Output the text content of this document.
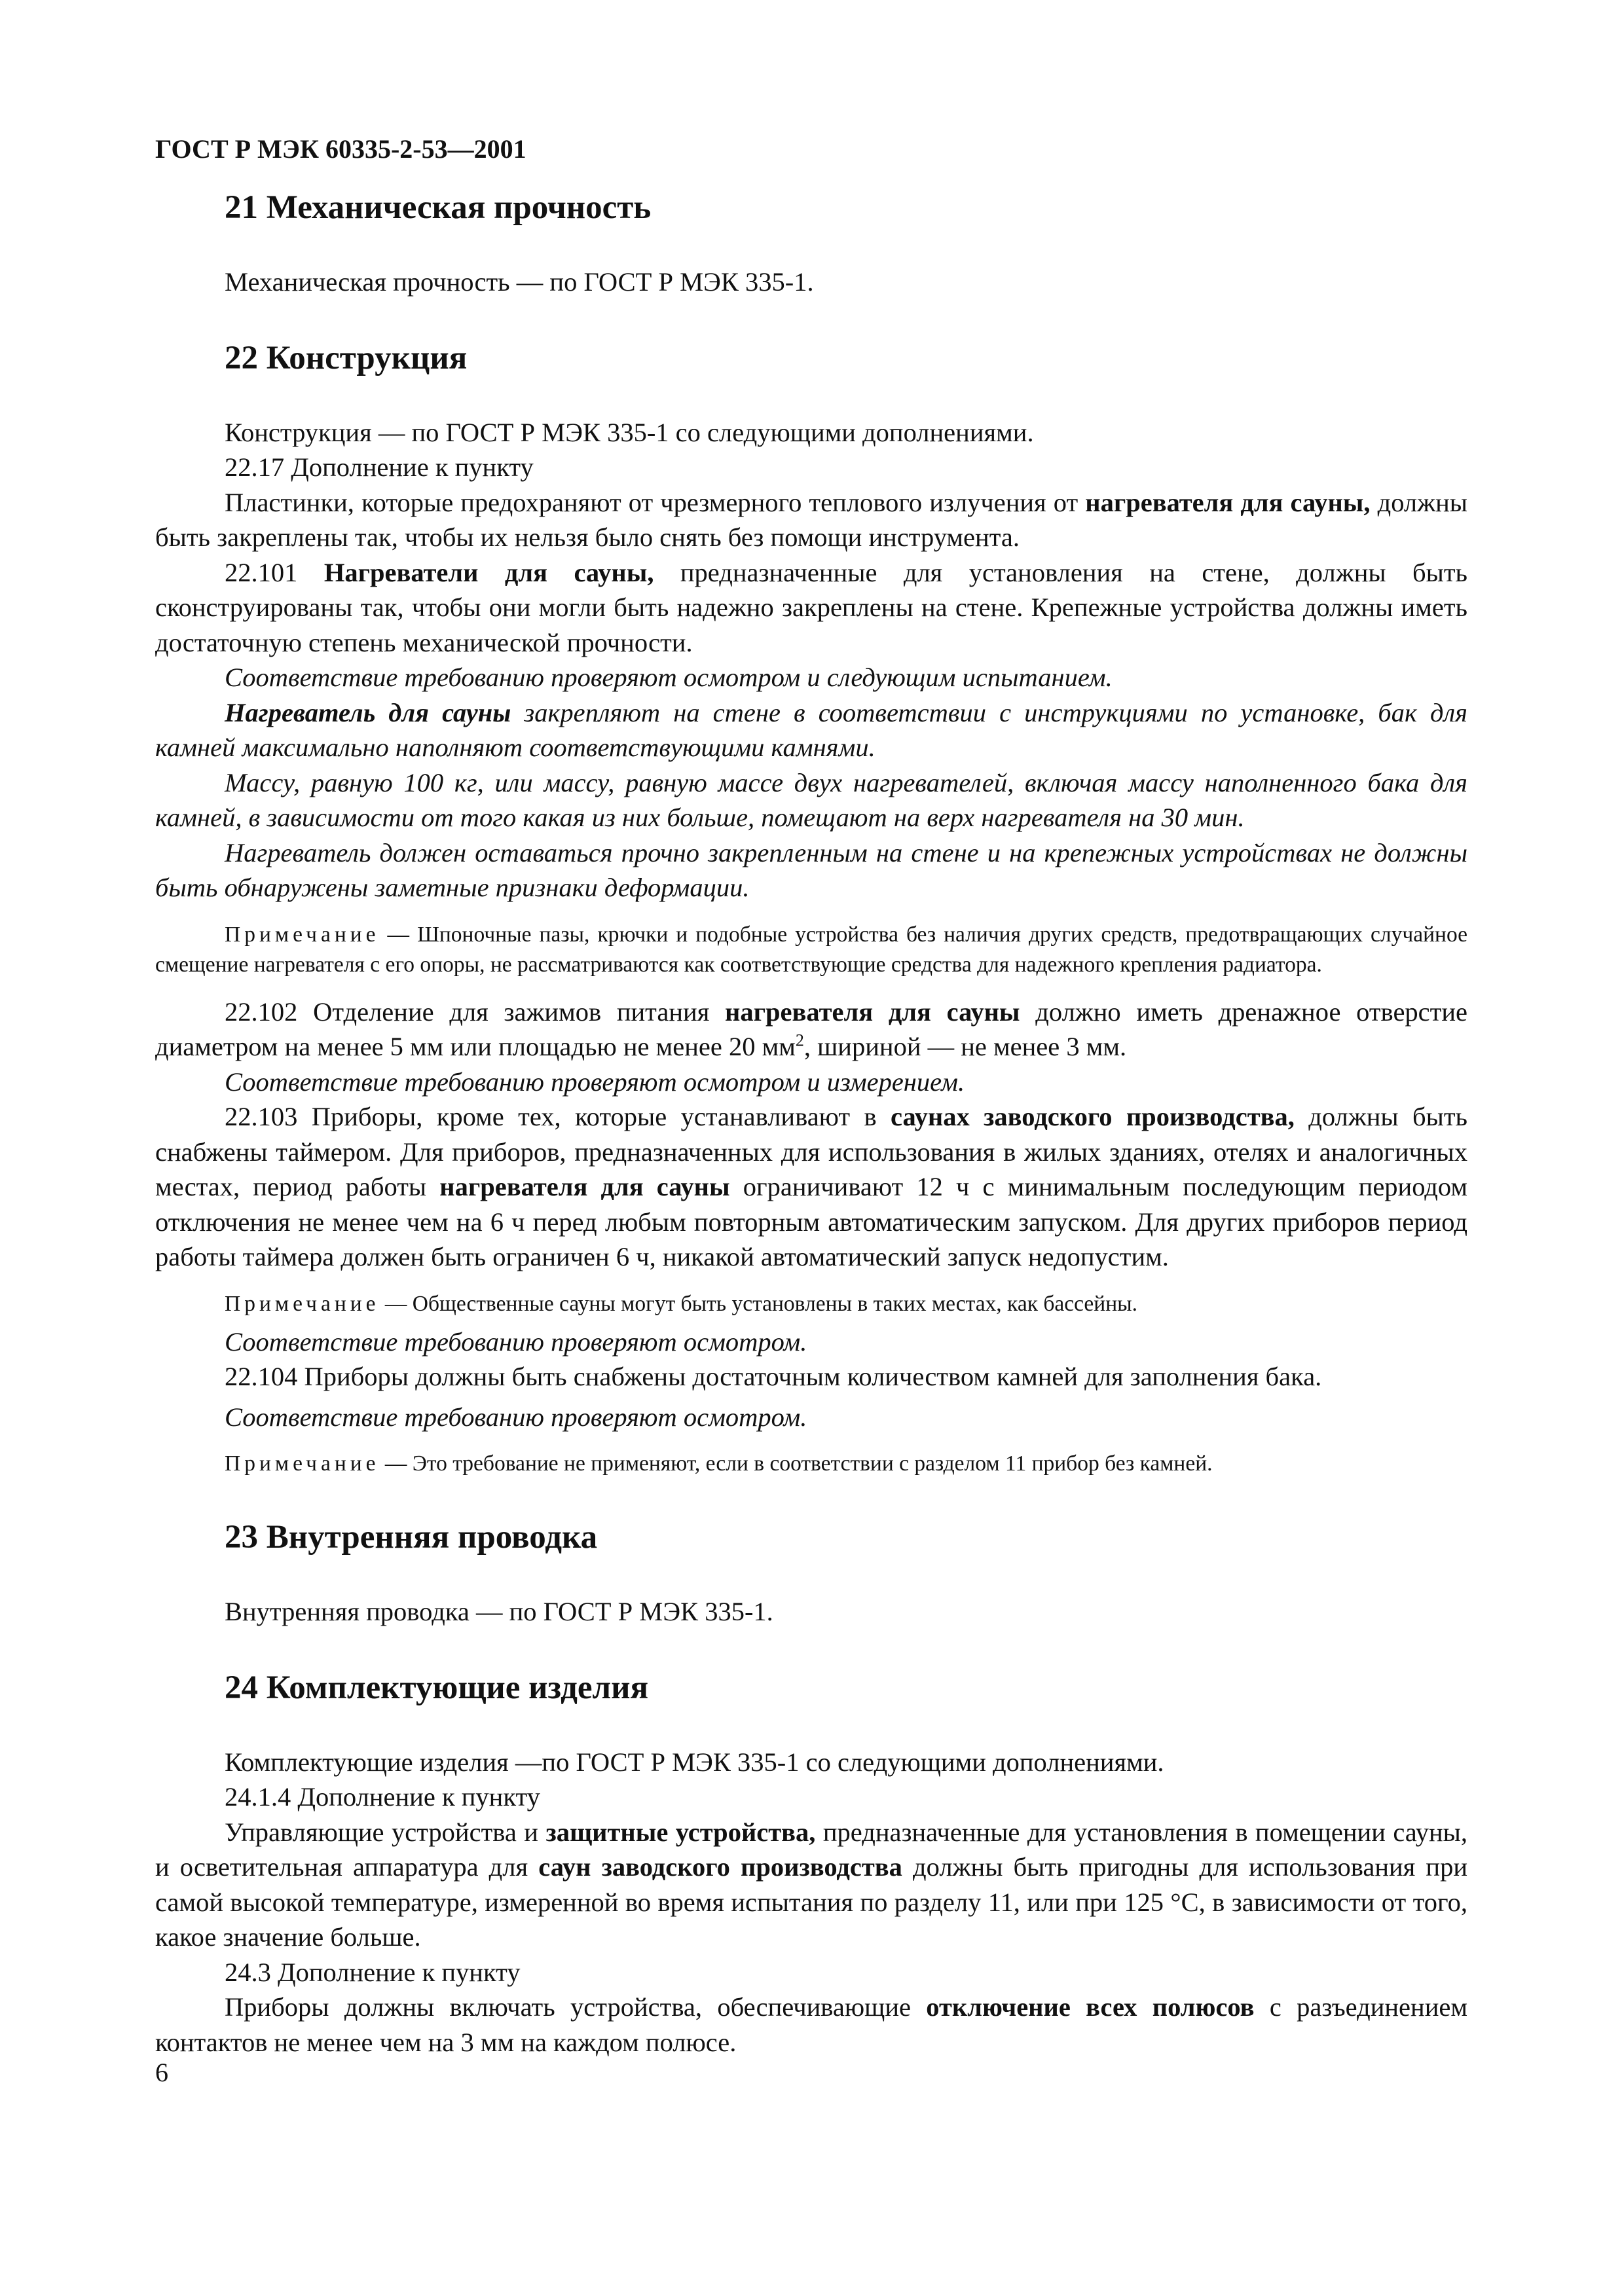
ГОСТ Р МЭК 60335-2-53—2001
21 Механическая прочность
Механическая прочность — по ГОСТ Р МЭК 335-1.
22 Конструкция
Конструкция — по ГОСТ Р МЭК 335-1 со следующими дополнениями.
22.17 Дополнение к пункту
Пластинки, которые предохраняют от чрезмерного теплового излучения от нагревателя для сауны, должны быть закреплены так, чтобы их нельзя было снять без помощи инструмента.
22.101 Нагреватели для сауны, предназначенные для установления на стене, должны быть сконструированы так, чтобы они могли быть надежно закреплены на стене. Крепежные устройства должны иметь достаточную степень механической прочности.
Соответствие требованию проверяют осмотром и следующим испытанием.
Нагреватель для сауны закрепляют на стене в соответствии с инструкциями по установке, бак для камней максимально наполняют соответствующими камнями.
Массу, равную 100 кг, или массу, равную массе двух нагревателей, включая массу наполненного бака для камней, в зависимости от того какая из них больше, помещают на верх нагревателя на 30 мин.
Нагреватель должен оставаться прочно закрепленным на стене и на крепежных устройствах не должны быть обнаружены заметные признаки деформации.
Примечание — Шпоночные пазы, крючки и подобные устройства без наличия других средств, предотвращающих случайное смещение нагревателя с его опоры, не рассматриваются как соответствующие средства для надежного крепления радиатора.
22.102 Отделение для зажимов питания нагревателя для сауны должно иметь дренажное отверстие диаметром на менее 5 мм или площадью не менее 20 $мм^2$, шириной — не менее 3 мм.
Соответствие требованию проверяют осмотром и измерением.
22.103 Приборы, кроме тех, которые устанавливают в саунах заводского производства, должны быть снабжены таймером. Для приборов, предназначенных для использования в жилых зданиях, отелях и аналогичных местах, период работы нагревателя для сауны ограничивают 12 ч с минимальным последующим периодом отключения не менее чем на 6 ч перед любым повторным автоматическим запуском. Для других приборов период работы таймера должен быть ограничен 6 ч, никакой автоматический запуск недопустим.
Примечание — Общественные сауны могут быть установлены в таких местах, как бассейны.
Соответствие требованию проверяют осмотром.
22.104 Приборы должны быть снабжены достаточным количеством камней для заполнения бака.
Соответствие требованию проверяют осмотром.
Примечание — Это требование не применяют, если в соответствии с разделом 11 прибор без камней.
23 Внутренняя проводка
Внутренняя проводка — по ГОСТ Р МЭК 335-1.
24 Комплектующие изделия
Комплектующие изделия —по ГОСТ Р МЭК 335-1 со следующими дополнениями.
24.1.4 Дополнение к пункту
Управляющие устройства и защитные устройства, предназначенные для установления в помещении сауны, и осветительная аппаратура для саун заводского производства должны быть пригодны для использования при самой высокой температуре, измеренной во время испытания по разделу 11, или при 125 °С, в зависимости от того, какое значение больше.
24.3 Дополнение к пункту
Приборы должны включать устройства, обеспечивающие отключение всех полюсов с разъединением контактов не менее чем на 3 мм на каждом полюсе.
6
